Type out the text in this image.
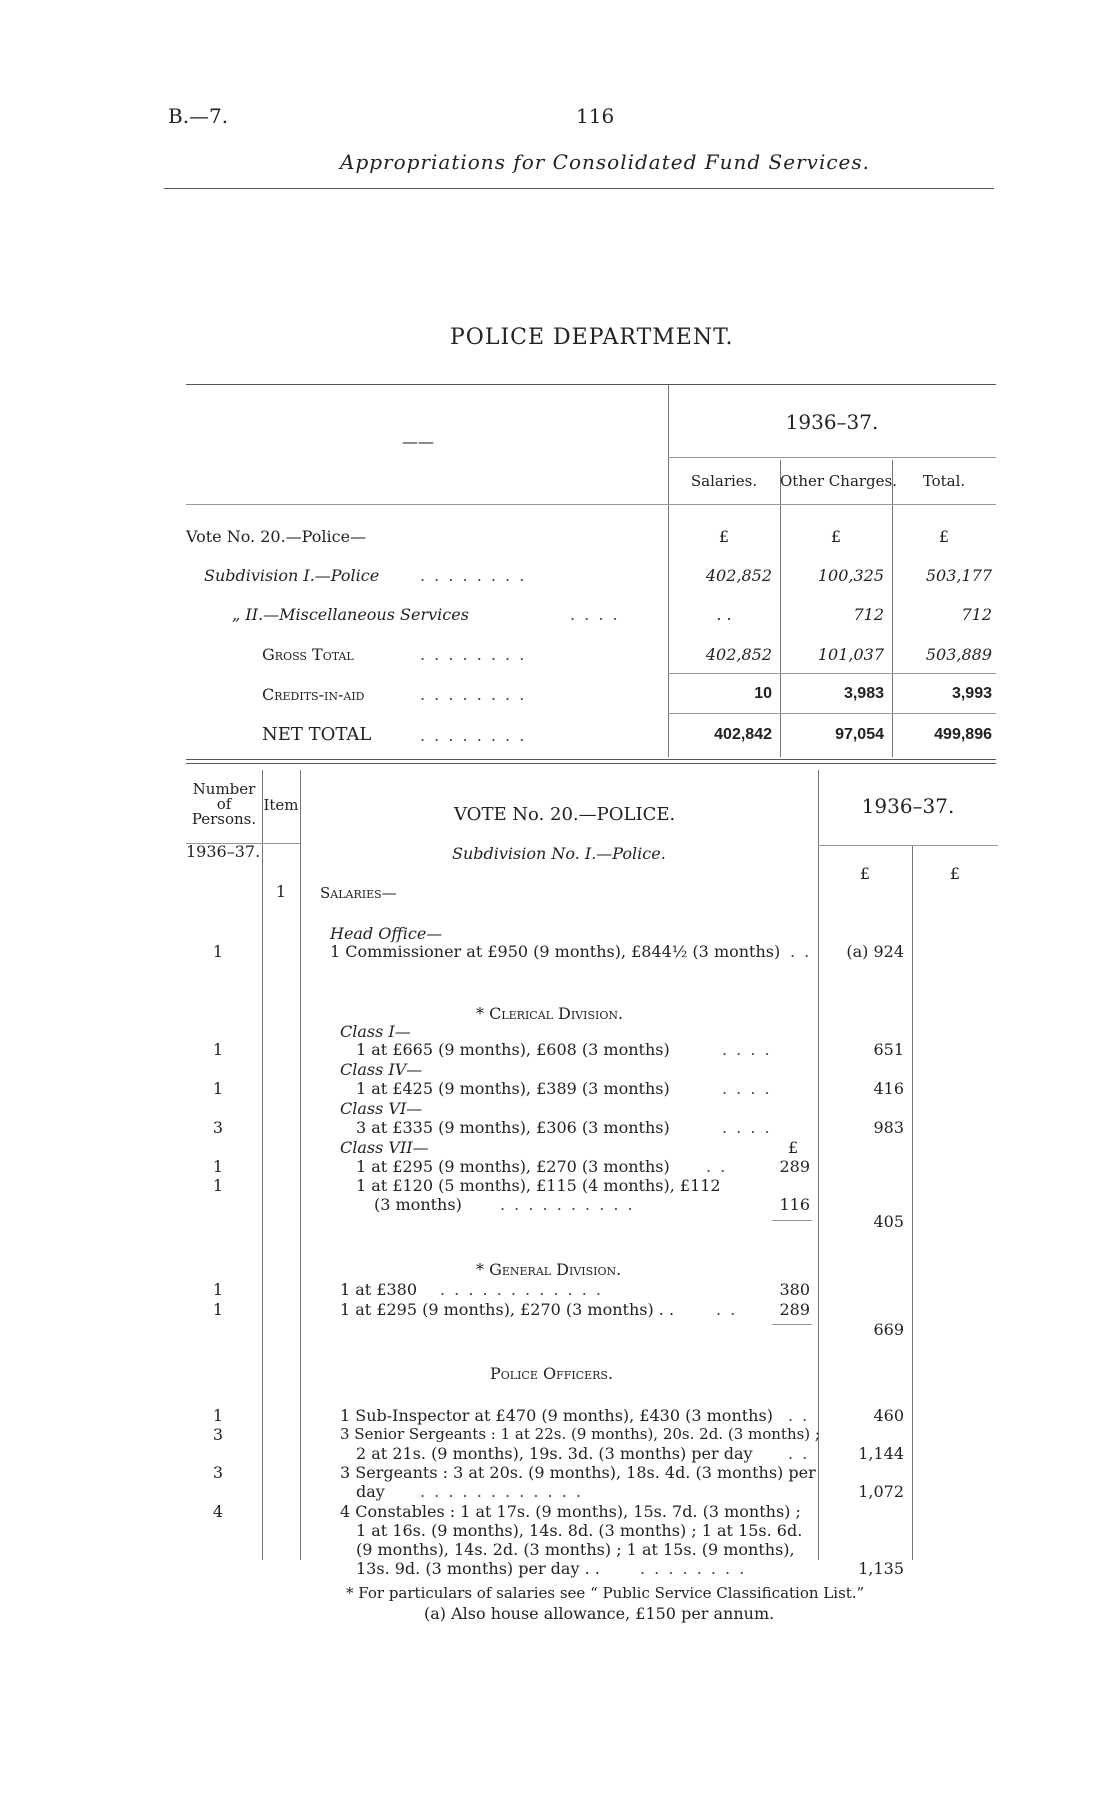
B.—7.	116
Appropriations for Consolidated Fund Services.
POLICE DEPARTMENT.
——
1936–37.
Salaries.	Other Charges.	Total.
Vote No. 20.—Police—	£	£	£
Subdivision I.—Police	. . . . . . . .	402,852	100,325	503,177
„ II.—Miscellaneous Services	. . . .	. .	712	712
Gross Total	. . . . . . . .	402,852	101,037	503,889
Credits-in-aid	. . . . . . . .	10	3,983	3,993
NET TOTAL	. . . . . . . .	402,842	97,054	499,896
Number of Persons.
Item	VOTE No. 20.—POLICE.	1936–37.
1936–37.	Subdivision No. I.—Police.
£	£
1	Salaries—
Head Office—
1	1 Commissioner at £950 (9 months), £844½ (3 months) . .	(a) 924
* Clerical Division.
Class I—
1	1 at £665 (9 months), £608 (3 months)	. . . .	651
Class IV—
1	1 at £425 (9 months), £389 (3 months)	. . . .	416
Class VI—
3	3 at £335 (9 months), £306 (3 months)	. . . .	983
Class VII—	£
1	1 at £295 (9 months), £270 (3 months) . .	289
1	1 at £120 (5 months), £115 (4 months), £112
(3 months) . . . . . . . . . .	116
405
* General Division.
1	1 at £380 . . . . . . . . . . . .	380
1	1 at £295 (9 months), £270 (3 months) . .	. .	289
669
Police Officers.
1	1 Sub-Inspector at £470 (9 months), £430 (3 months) . .	460
3	3 Senior Sergeants : 1 at 22s. (9 months), 20s. 2d. (3 months) ;
2 at 21s. (9 months), 19s. 3d. (3 months) per day . .	1,144
3	3 Sergeants : 3 at 20s. (9 months), 18s. 4d. (3 months) per
day . . . . . . . . . . . .	1,072
4	4 Constables : 1 at 17s. (9 months), 15s. 7d. (3 months) ;
1 at 16s. (9 months), 14s. 8d. (3 months) ; 1 at 15s. 6d.
(9 months), 14s. 2d. (3 months) ; 1 at 15s. (9 months),
13s. 9d. (3 months) per day . .	. . . . . . . .	1,135
* For particulars of salaries see “ Public Service Classification List.”
(a) Also house allowance, £150 per annum.
